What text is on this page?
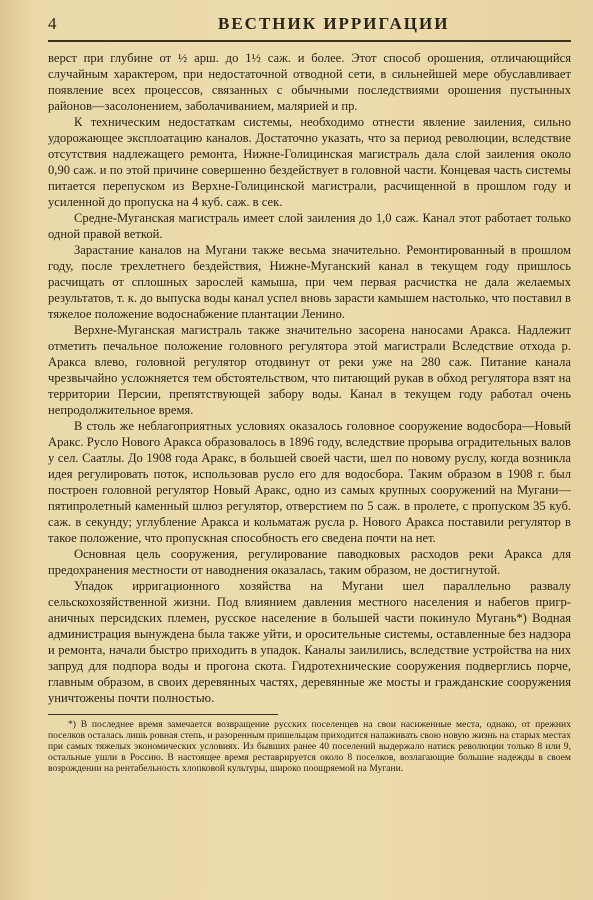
4	ВЕСТНИК ИРРИГАЦИИ

верст при глубине от ½ арш. до 1½ саж. и более. Этот способ орошения, отличающийся случайным характером, при недостаточной отводной сети, в сильнейшей мере обуславливает появление всех процессов, связанных с обычными последствиями орошения пустынных районов—засолонением, заболачиванием, малярией и пр.

К техническим недостаткам системы, необходимо отнести явление заиления, сильно удорожающее эксплоатацию каналов. Достаточно указать, что за период революции, вследствие отсутствия надлежащего ремонта, Нижне-Голицинская магистраль дала слой заиления около 0,90 саж. и по этой причине совершенно бездействует в головной части. Концевая часть системы питается перепуском из Верхне-Голицинской магистрали, расчищенной в прошлом году и усиленной до пропуска на 4 куб. саж. в сек.

Средне-Муганская магистраль имеет слой заиления до 1,0 саж. Канал этот работает только одной правой веткой.

Зарастание каналов на Мугани также весьма значительно. Ремонтированный в прошлом году, после трехлетнего бездействия, Нижне-Муганский канал в текущем году пришлось расчищать от сплошных зарослей камыша, при чем первая расчистка не дала желаемых результатов, т. к. до выпуска воды канал успел вновь зарасти камышем настолько, что поставил в тяжелое положение водоснабжение плантации Ленино.

Верхне-Муганская магистраль также значительно засорена наносами Аракса. Надлежит отметить печальное положение головного регулятора этой магистрали Вследствие отхода р. Аракса влево, головной регулятор отодвинут от реки уже на 280 саж. Питание канала чрезвычайно усложняется тем обстоятельством, что питающий рукав в обход регулятора взят на территории Персии, препятствующей забору воды. Канал в текущем году работал очень непродолжительное время.

В столь же неблагоприятных условиях оказалось головное сооружение водосбора—Новый Аракс. Русло Нового Аракса образовалось в 1896 году, вследствие прорыва оградительных валов у сел. Саатлы. До 1908 года Аракс, в большей своей части, шел по новому руслу, когда возникла идея регулировать поток, использовав русло его для водосбора. Таким образом в 1908 г. был построен головной регулятор Новый Аракс, одно из самых крупных сооружений на Мугани—пятипролетный каменный шлюз регулятор, отверстием по 5 саж. в пролете, с пропуском 35 куб. саж. в секунду; углубление Аракса и кольматаж русла р. Нового Аракса поставили регулятор в такое положение, что пропускная способность его сведена почти на нет.

Основная цель сооружения, регулирование паводковых расходов реки Аракса для предохранения местности от наводнения оказалась, таким образом, не достигнутой.

Упадок ирригационного хозяйства на Мугани шел параллельно развалу сельскохозяйственной жизни. Под влиянием давления местного населения и набегов приграничных персидских племен, русское население в большей части покинуло Мугань*) Водная администрация вынуждена была также уйти, и оросительные системы, оставленные без надзора и ремонта, начали быстро приходить в упадок. Каналы заилились, вследствие устройства на них запруд для подпора воды и прогона скота. Гидротехнические сооружения подверглись порче, главным образом, в своих деревянных частях, деревянные же мосты и гражданские сооружения уничтожены почти полностью.

*) В последнее время замечается возвращение русских поселенцев на свои насиженные места, однако, от прежних поселков осталась лишь ровная степь, и разоренным пришельцам приходится налаживать свою новую жизнь на старых местах при самых тяжелых экономических условиях. Из бывших ранее 40 поселений выдержало натиск революции только 8 или 9, остальные ушли в Россию. В настоящее время реставрируется около 8 поселков, возлагающие большие надежды в своем возрождении на рентабельность хлопковой культуры, широко поощряемой на Мугани.
